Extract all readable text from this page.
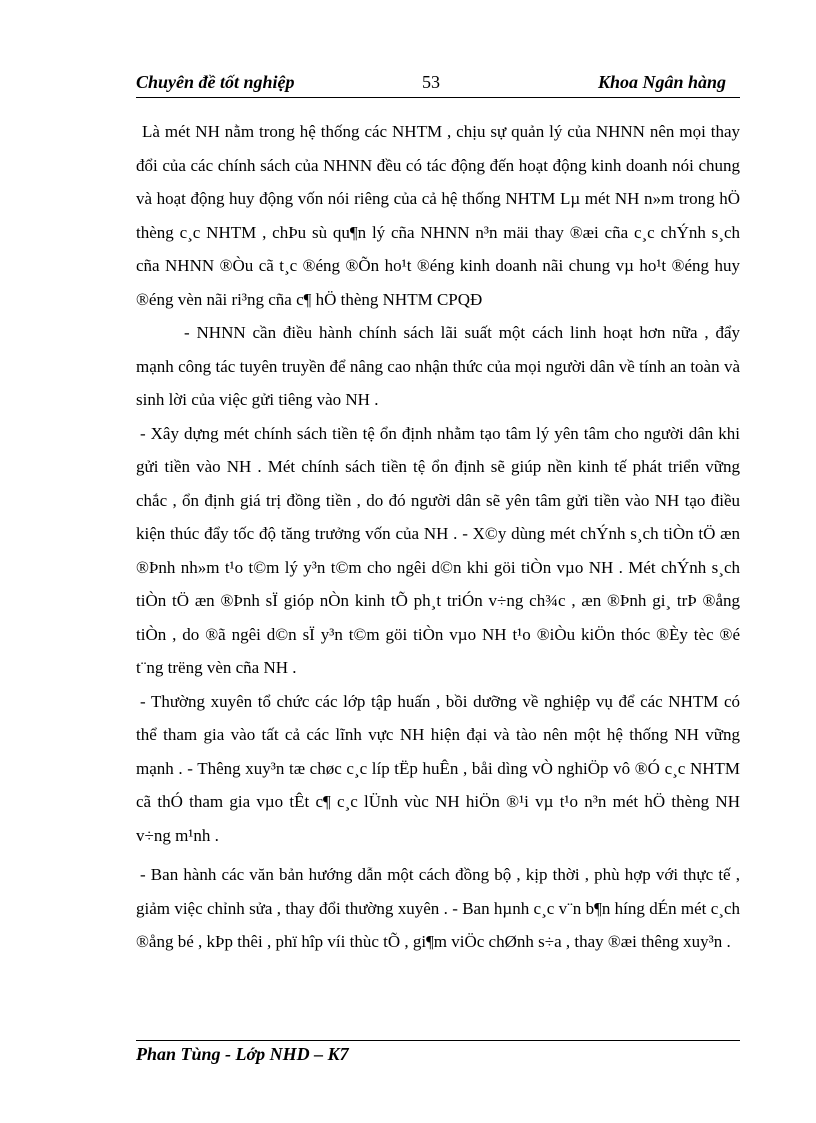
Chuyên đề tốt nghiệp	53	Khoa Ngân hàng

Là mét NH nằm trong hệ thống các NHTM , chịu sự quản lý của NHNN nên mọi thay đổi của các chính sách của NHNN đều có tác động đến hoạt động kinh doanh nói chung và hoạt động huy động vốn nói riêng của cả hệ thống NHTM Lµ mét NH n»m trong hÖ thèng c¸c NHTM , chÞu sù qu¶n lý cña NHNN n³n mäi thay ®æi cña c¸c chÝnh s¸ch cña NHNN ®Òu cã t¸c ®éng ®Õn ho¹t ®éng kinh doanh nãi chung vµ ho¹t ®éng huy ®éng vèn nãi ri³ng cña c¶ hÖ thèng NHTM CPQĐ

- NHNN cần điều hành chính sách lãi suất một cách linh hoạt hơn nữa , đẩy mạnh công tác tuyên truyền để nâng cao nhận thức của mọi người dân về tính an toàn và sinh lời của việc gửi tiêng vào NH .

- Xây dựng mét chính sách tiền tệ ổn định nhằm tạo tâm lý yên tâm cho người dân khi gửi tiền vào NH . Mét chính sách tiền tệ ổn định sẽ giúp nền kinh tế phát triển vững chắc , ổn định giá trị đồng tiền , do đó người dân sẽ yên tâm gửi tiền vào NH tạo điều kiện thúc đẩy tốc độ tăng trưởng vốn của NH . - X©y dùng mét chÝnh s¸ch tiÒn tÖ æn ®Þnh nh»m t¹o t©m lý y³n t©m cho ngêi d©n khi göi tiÒn vµo NH . Mét chÝnh s¸ch tiÒn tÖ æn ®Þnh sÏ gióp nÒn kinh tÕ ph¸t triÓn v÷ng ch¾c , æn ®Þnh gi¸ trÞ ®ång tiÒn , do ®ã ngêi d©n sÏ y³n t©m göi tiÒn vµo NH t¹o ®iÒu kiÖn thóc ®Èy tèc ®é t¨ng trëng vèn cña NH .

- Thường xuyên tổ chức các lớp tập huấn , bồi dưỡng về nghiệp vụ để các NHTM có thể tham gia vào tất cả các lĩnh vực NH hiện đại và tào nên một hệ thống NH vững mạnh . - Thêng xuy³n tæ chøc c¸c líp tËp huÊn , båi dìng vÒ nghiÖp vô ®Ó c¸c NHTM cã thÓ tham gia vµo tÊt c¶ c¸c lÜnh vùc NH hiÖn ®¹i vµ t¹o n³n mét hÖ thèng NH v÷ng m¹nh .

- Ban hành các văn bản hướng dẫn một cách đồng bộ , kịp thời , phù hợp với thực tế , giảm việc chỉnh sửa , thay đổi thường xuyên . - Ban hµnh c¸c v¨n b¶n híng dÉn mét c¸ch ®ång bé , kÞp thêi , phï hîp víi thùc tÕ , gi¶m viÖc chØnh s÷a , thay ®æi thêng xuy³n .

Phan Tùng - Lớp NHD – K7
